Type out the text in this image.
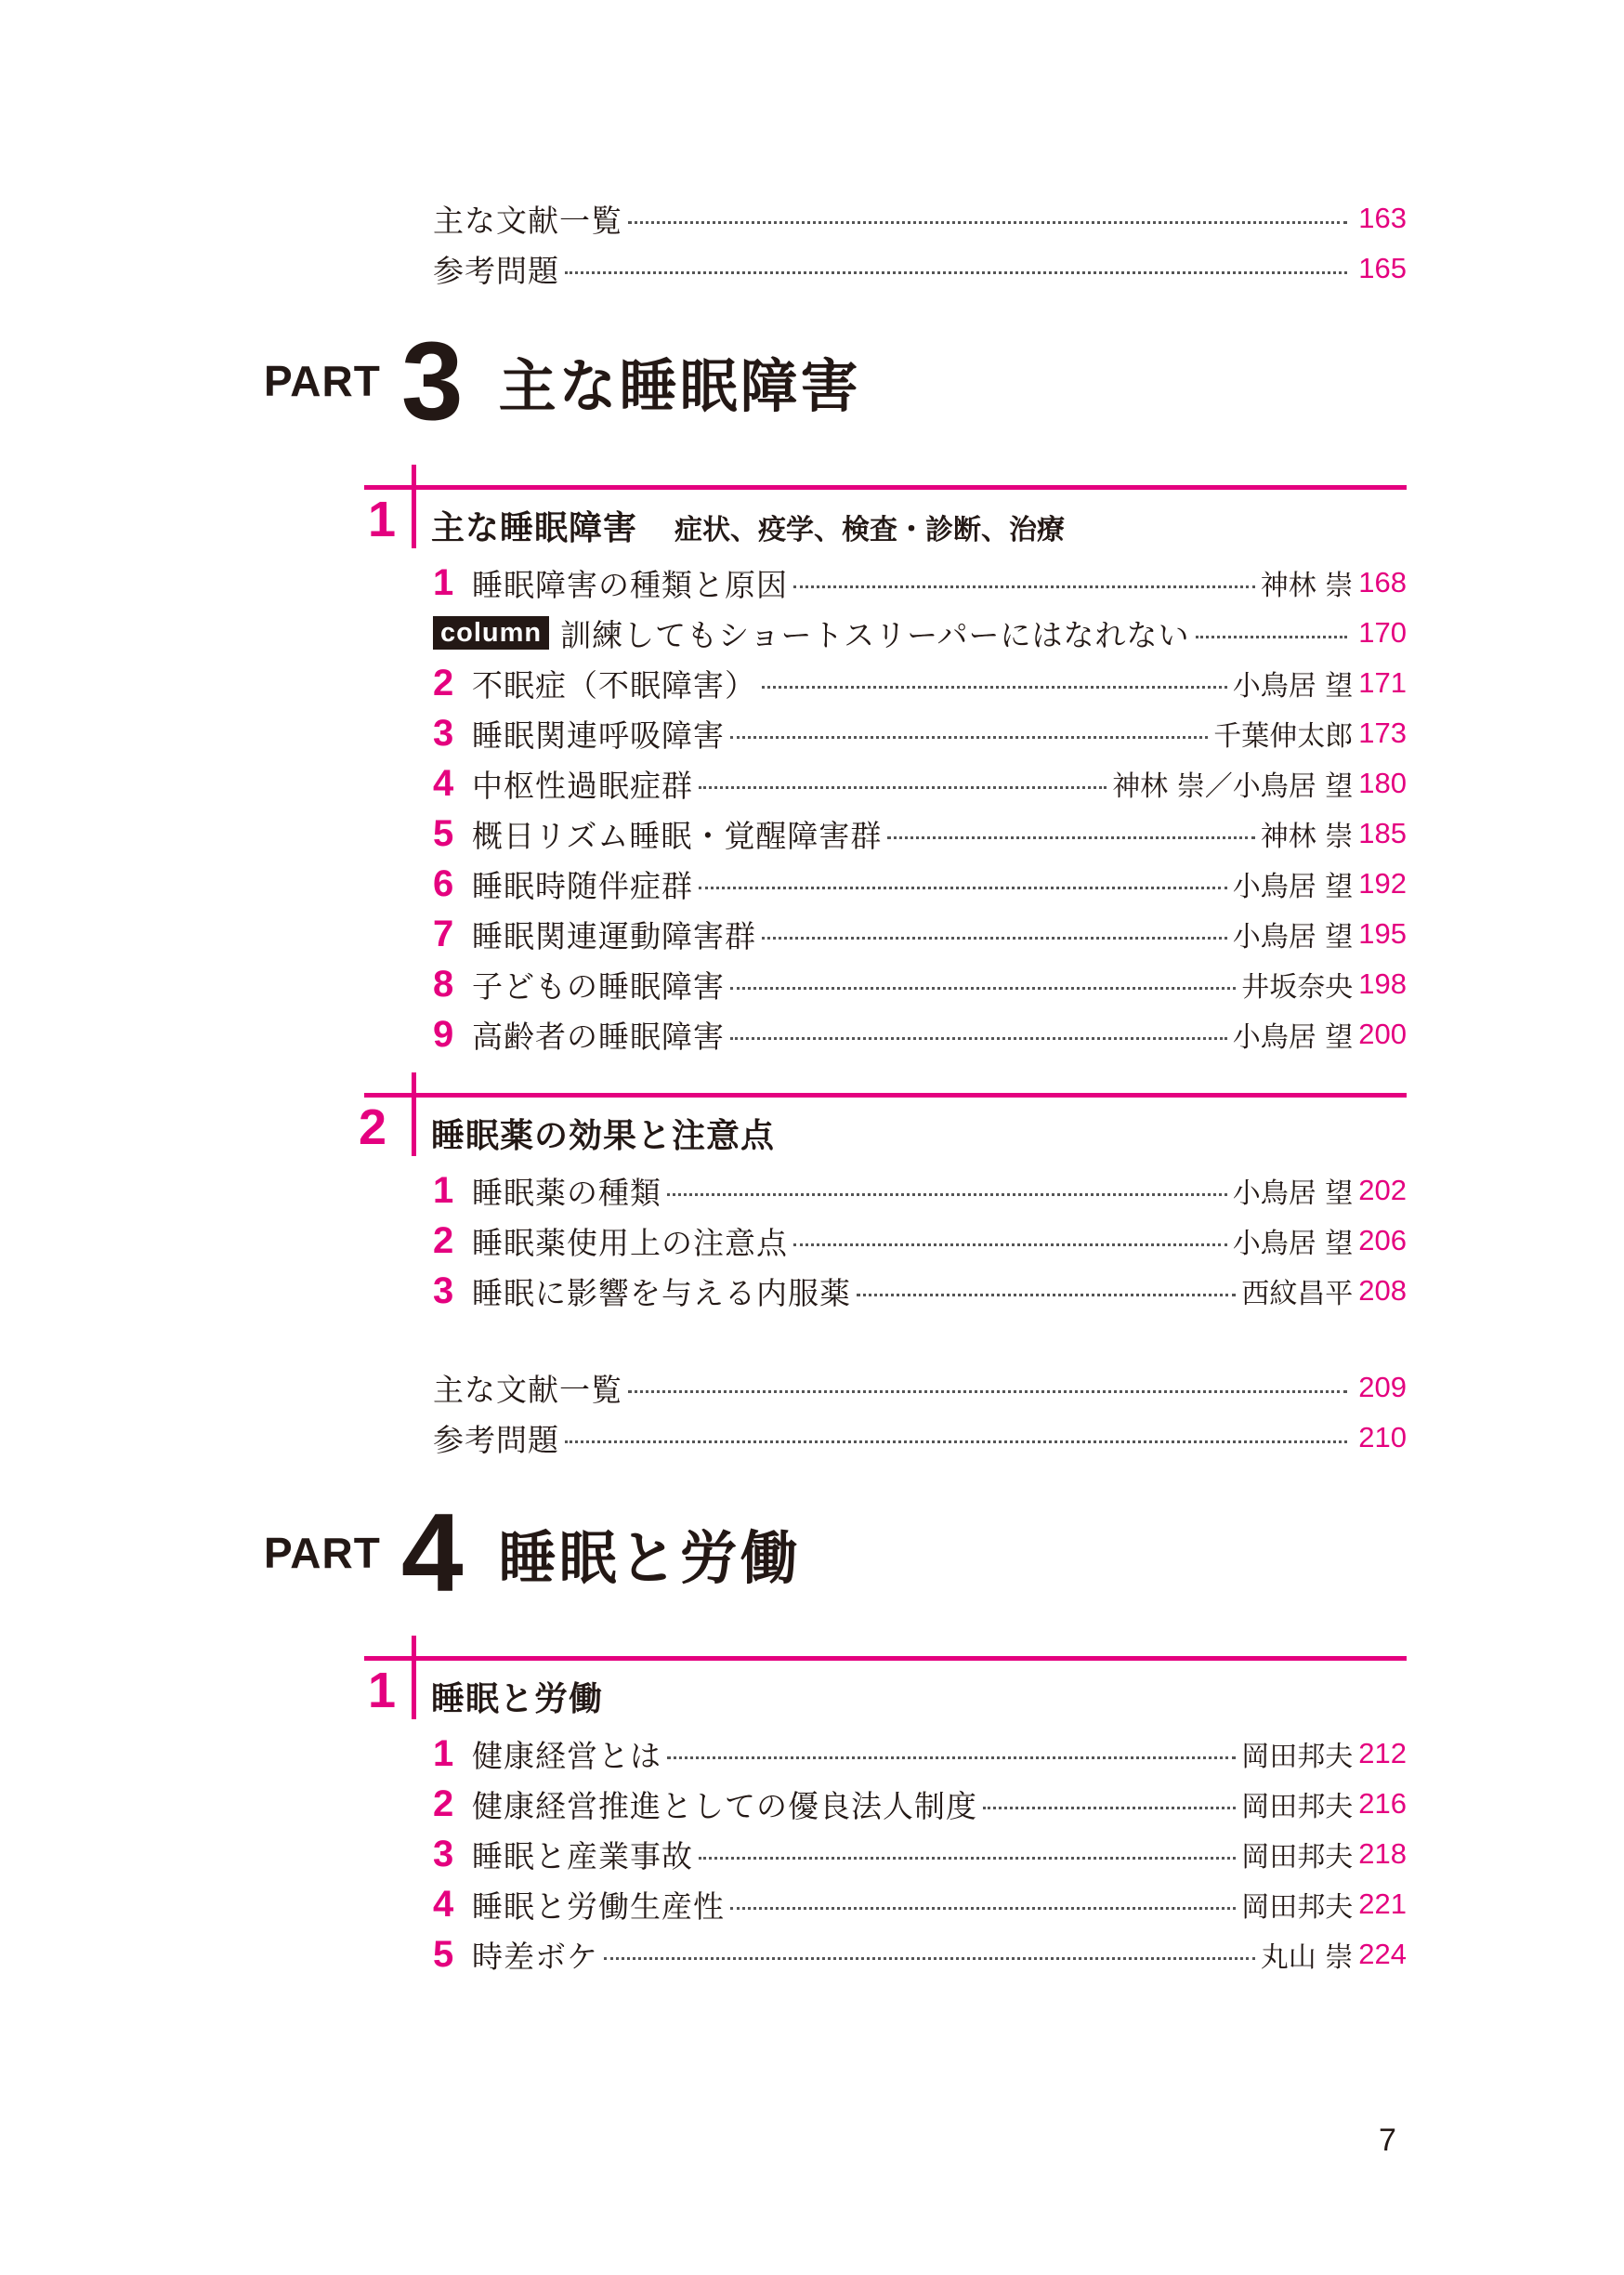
主な文献一覧	163
参考問題	165
PART 3 主な睡眠障害
1 主な睡眠障害 症状、疫学、検査・診断、治療
1 睡眠障害の種類と原因	神林 崇 168
column 訓練してもショートスリーパーにはなれない	170
2 不眠症（不眠障害）	小鳥居 望 171
3 睡眠関連呼吸障害	千葉伸太郎 173
4 中枢性過眠症群	神林 崇／小鳥居 望 180
5 概日リズム睡眠・覚醒障害群	神林 崇 185
6 睡眠時随伴症群	小鳥居 望 192
7 睡眠関連運動障害群	小鳥居 望 195
8 子どもの睡眠障害	井坂奈央 198
9 高齢者の睡眠障害	小鳥居 望 200
2 睡眠薬の効果と注意点
1 睡眠薬の種類	小鳥居 望 202
2 睡眠薬使用上の注意点	小鳥居 望 206
3 睡眠に影響を与える内服薬	西紋昌平 208
主な文献一覧	209
参考問題	210
PART 4 睡眠と労働
1 睡眠と労働
1 健康経営とは	岡田邦夫 212
2 健康経営推進としての優良法人制度	岡田邦夫 216
3 睡眠と産業事故	岡田邦夫 218
4 睡眠と労働生産性	岡田邦夫 221
5 時差ボケ	丸山 崇 224
7
